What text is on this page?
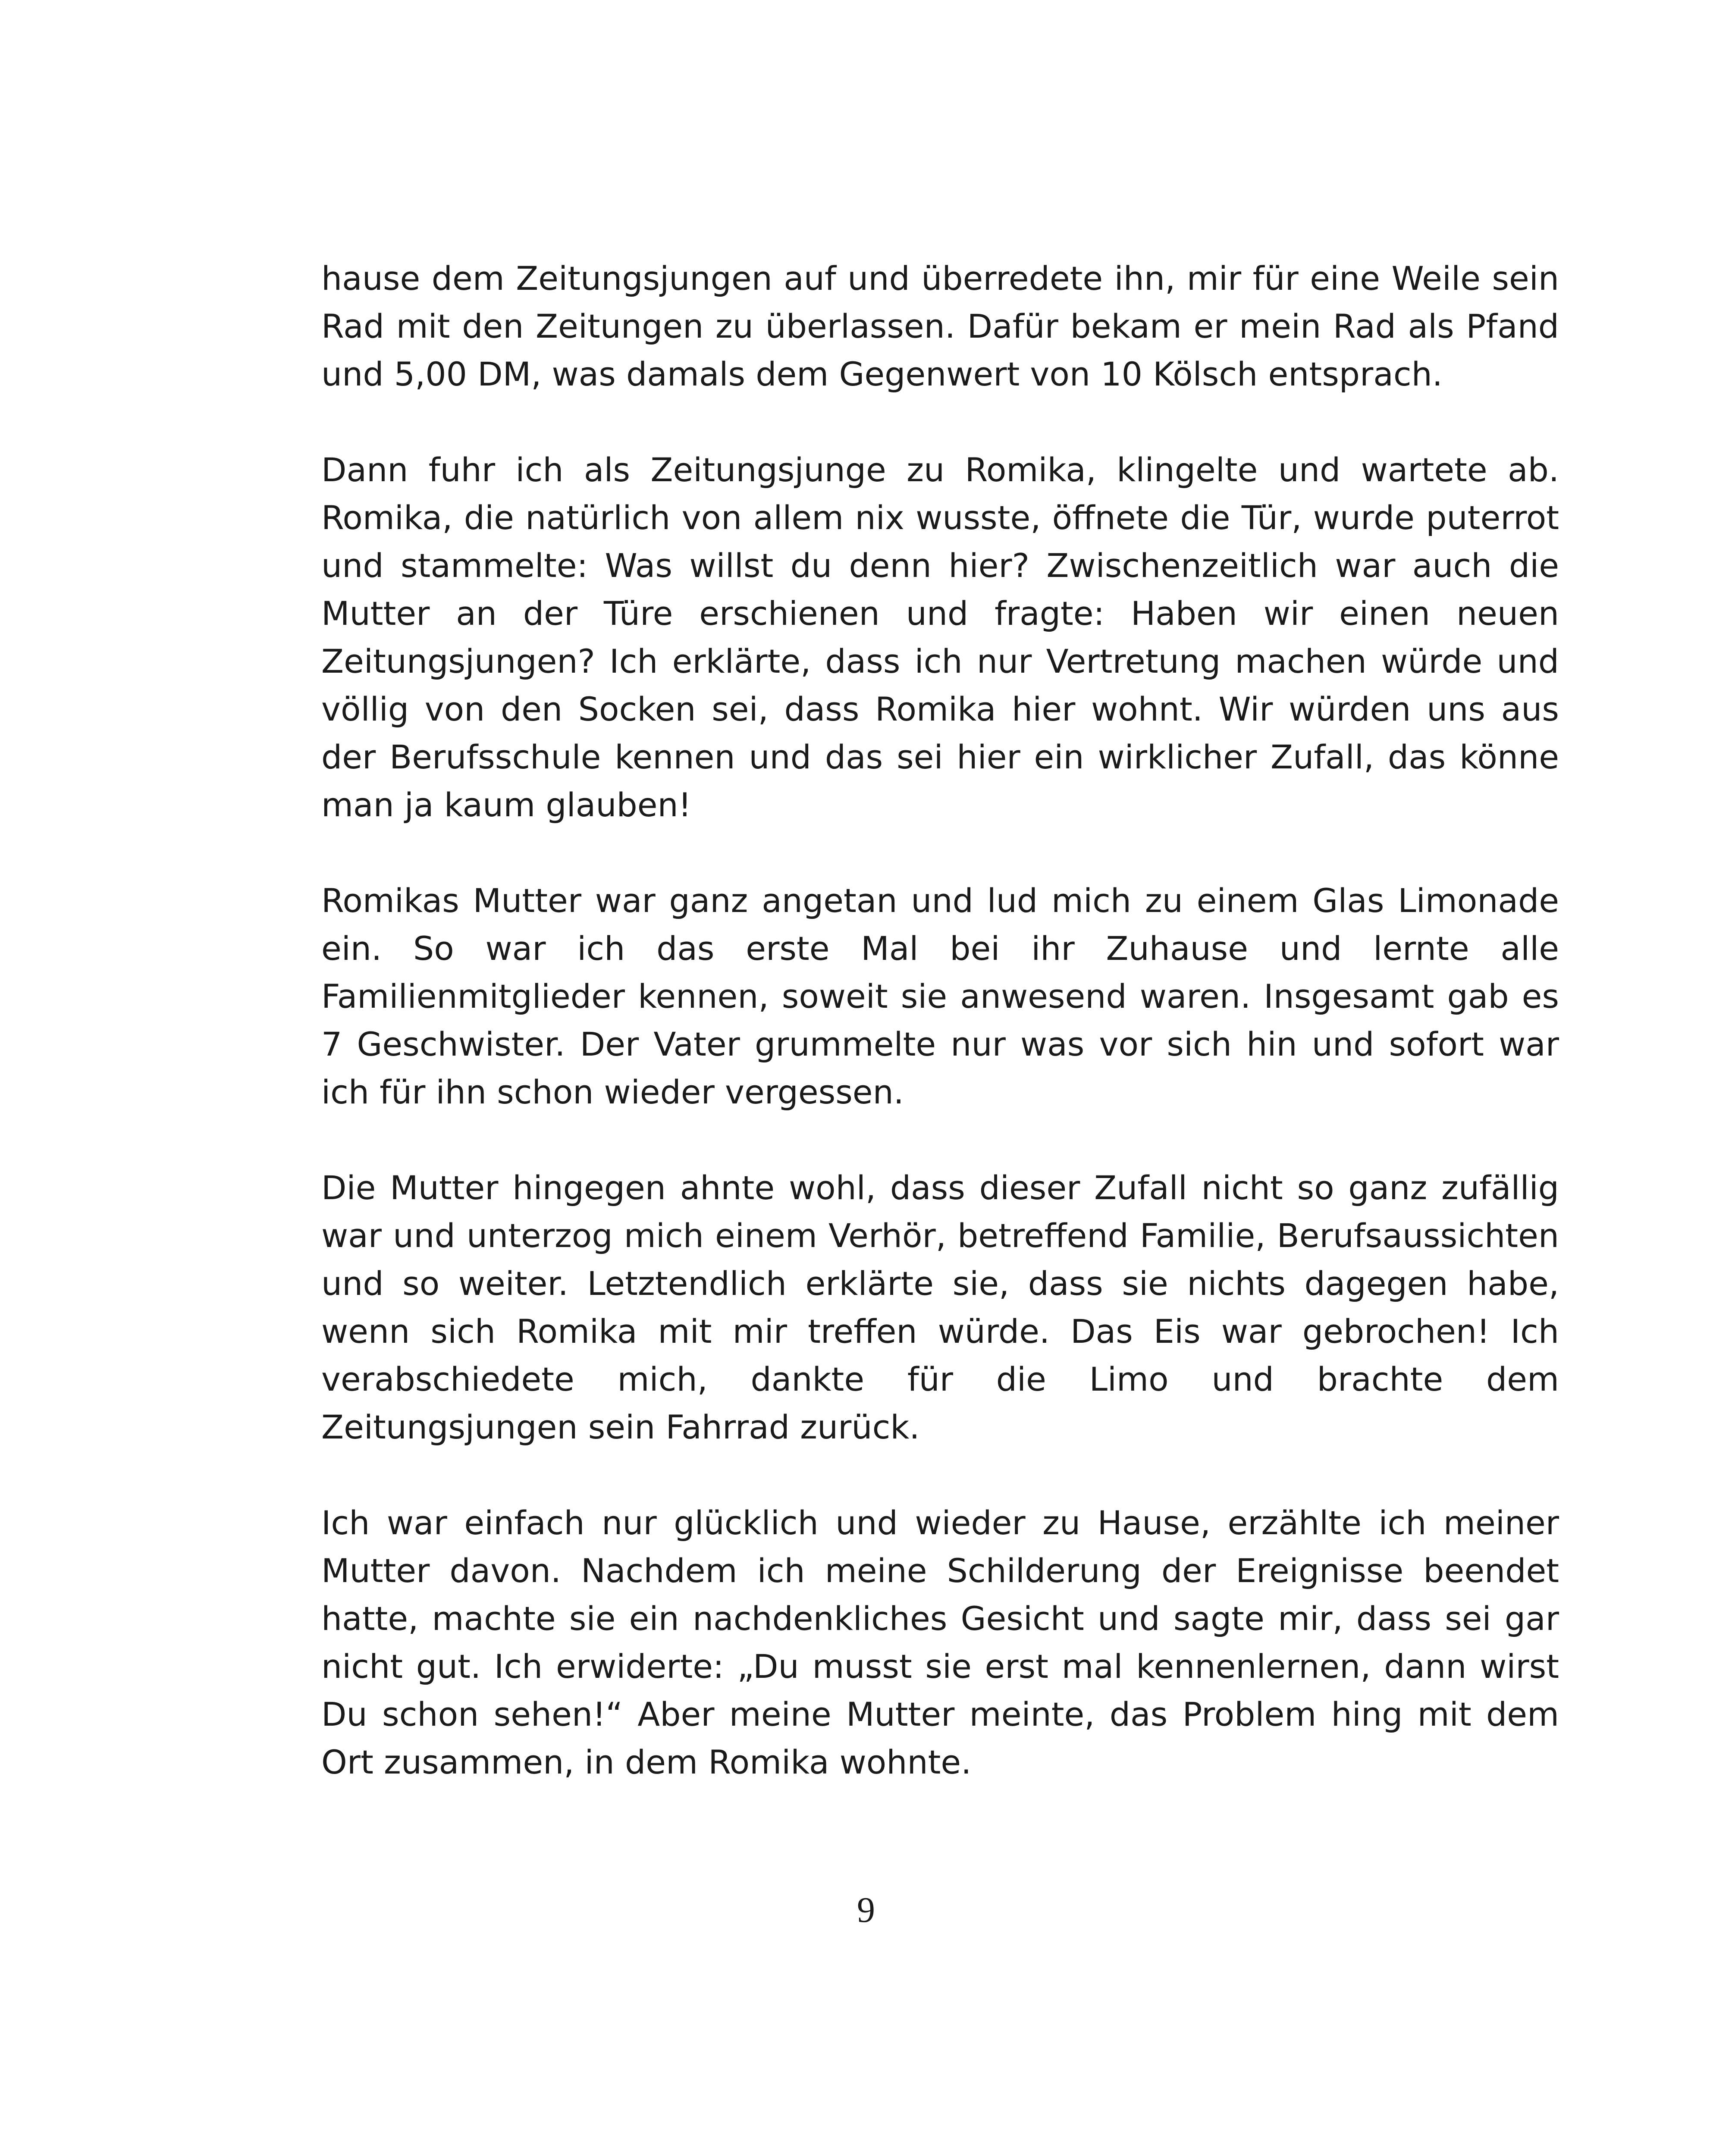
hause dem Zeitungsjungen auf und überredete ihn, mir für eine Weile sein Rad mit den Zeitungen zu überlassen. Dafür bekam er mein Rad als Pfand und 5,00 DM, was damals dem Gegenwert von 10 Kölsch entsprach.

Dann fuhr ich als Zeitungsjunge zu Romika, klingelte und wartete ab. Romika, die natürlich von allem nix wusste, öffnete die Tür, wurde puterrot und stammelte: Was willst du denn hier? Zwischenzeitlich war auch die Mutter an der Türe erschienen und fragte: Haben wir einen neuen Zeitungsjungen? Ich erklärte, dass ich nur Vertretung machen würde und völlig von den Socken sei, dass Romika hier wohnt. Wir würden uns aus der Berufsschule kennen und das sei hier ein wirklicher Zufall, das könne man ja kaum glauben!

Romikas Mutter war ganz angetan und lud mich zu einem Glas Limonade ein. So war ich das erste Mal bei ihr Zuhause und lernte alle Familienmitglieder kennen, soweit sie anwesend waren. Insgesamt gab es 7 Geschwister. Der Vater grummelte nur was vor sich hin und sofort war ich für ihn schon wieder vergessen.

Die Mutter hingegen ahnte wohl, dass dieser Zufall nicht so ganz zufällig war und unterzog mich einem Verhör, betreffend Familie, Berufsaussichten und so weiter. Letztendlich erklärte sie, dass sie nichts dagegen habe, wenn sich Romika mit mir treffen würde. Das Eis war gebrochen! Ich verabschiedete mich, dankte für die Limo und brachte dem Zeitungsjungen sein Fahrrad zurück.

Ich war einfach nur glücklich und wieder zu Hause, erzählte ich meiner Mutter davon. Nachdem ich meine Schilderung der Ereignisse beendet hatte, machte sie ein nachdenkliches Gesicht und sagte mir, dass sei gar nicht gut. Ich erwiderte: „Du musst sie erst mal kennenlernen, dann wirst Du schon sehen!“ Aber meine Mutter meinte, das Problem hing mit dem Ort zusammen, in dem Romika wohnte.

9
